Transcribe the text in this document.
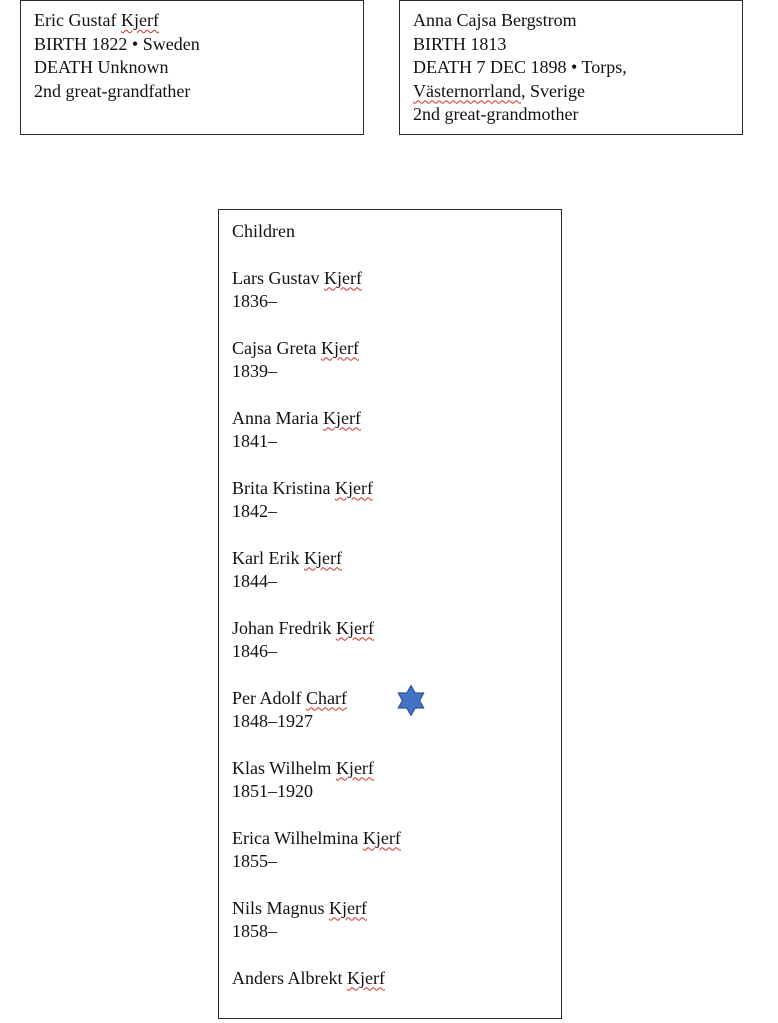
Eric Gustaf Kjerf
BIRTH 1822 • Sweden
DEATH Unknown
2nd great-grandfather
Anna Cajsa Bergstrom
BIRTH 1813
DEATH 7 DEC 1898 • Torps,
Västernorrland, Sverige
2nd great-grandmother
Children
Lars Gustav Kjerf
1836–
Cajsa Greta Kjerf
1839–
Anna Maria Kjerf
1841–
Brita Kristina Kjerf
1842–
Karl Erik Kjerf
1844–
Johan Fredrik Kjerf
1846–
Per Adolf Charf
1848–1927
Klas Wilhelm Kjerf
1851–1920
Erica Wilhelmina Kjerf
1855–
Nils Magnus Kjerf
1858–
Anders Albrekt Kjerf
